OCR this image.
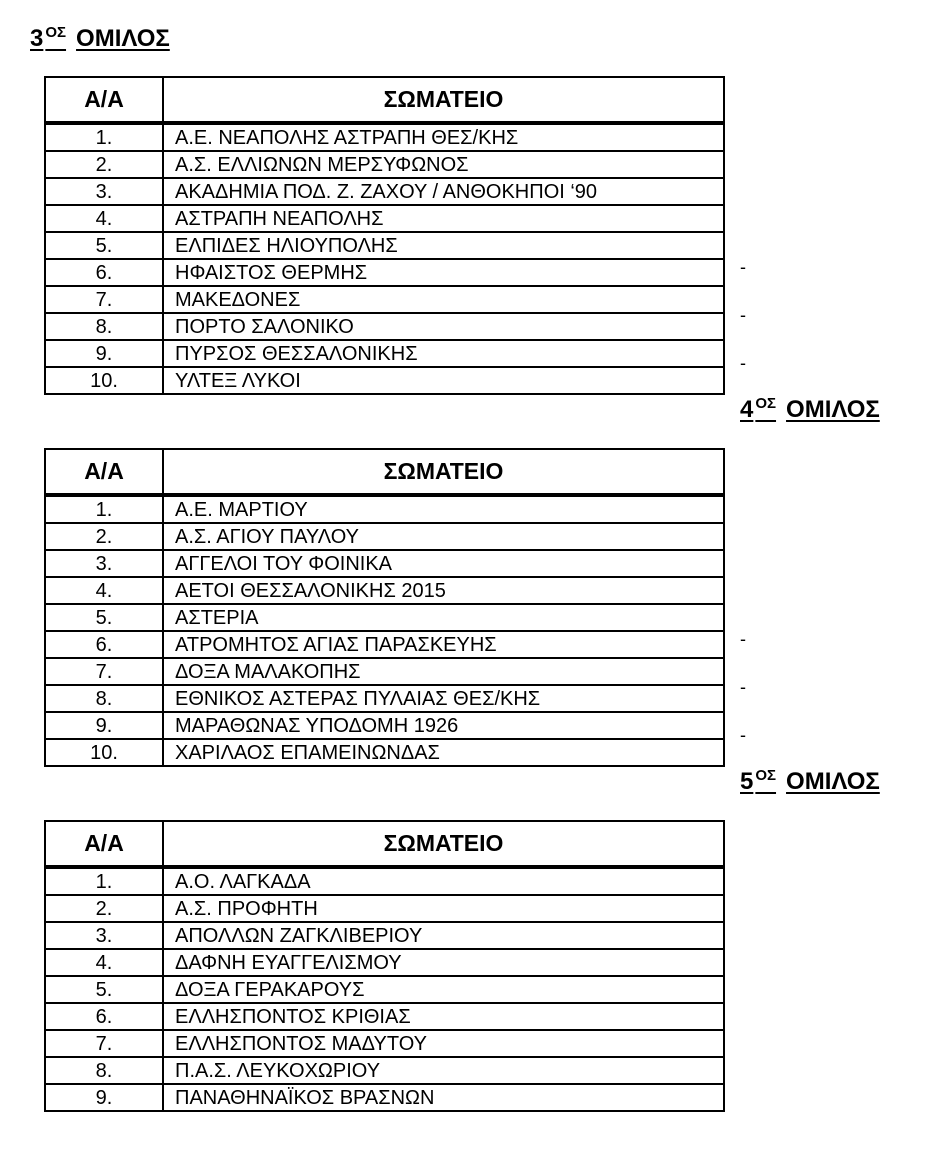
3 $^{O\Sigma}$ ΟΜΙΛΟΣ
4 $^{O\Sigma}$ ΟΜΙΛΟΣ
5 $^{O\Sigma}$ ΟΜΙΛΟΣ
-
-
-
-
-
-
Α/Α	ΣΩΜΑΤΕΙΟ
1.	Α.Ε. ΝΕΑΠΟΛΗΣ ΑΣΤΡΑΠΗ ΘΕΣ/ΚΗΣ
2.	Α.Σ. ΕΛΛΙΩΝΩΝ ΜΕΡΣΥΦΩΝΟΣ
3.	ΑΚΑΔΗΜΙΑ ΠΟΔ. Ζ. ΖΑΧΟΥ / ΑΝΘΟΚΗΠΟΙ ‘90
4.	ΑΣΤΡΑΠΗ ΝΕΑΠΟΛΗΣ
5.	ΕΛΠΙΔΕΣ ΗΛΙΟΥΠΟΛΗΣ
6.	ΗΦΑΙΣΤΟΣ ΘΕΡΜΗΣ
7.	ΜΑΚΕΔΟΝΕΣ
8.	ΠΟΡΤΟ ΣΑΛΟΝΙΚΟ
9.	ΠΥΡΣΟΣ ΘΕΣΣΑΛΟΝΙΚΗΣ
10.	ΥΛΤΕΞ ΛΥΚΟΙ
Α/Α	ΣΩΜΑΤΕΙΟ
1.	Α.Ε. ΜΑΡΤΙΟΥ
2.	Α.Σ. ΑΓΙΟΥ ΠΑΥΛΟΥ
3.	ΑΓΓΕΛΟΙ ΤΟΥ ΦΟΙΝΙΚΑ
4.	ΑΕΤΟΙ ΘΕΣΣΑΛΟΝΙΚΗΣ 2015
5.	ΑΣΤΕΡΙΑ
6.	ΑΤΡΟΜΗΤΟΣ ΑΓΙΑΣ ΠΑΡΑΣΚΕΥΗΣ
7.	ΔΟΞΑ ΜΑΛΑΚΟΠΗΣ
8.	ΕΘΝΙΚΟΣ ΑΣΤΕΡΑΣ ΠΥΛΑΙΑΣ ΘΕΣ/ΚΗΣ
9.	ΜΑΡΑΘΩΝΑΣ ΥΠΟΔΟΜΗ 1926
10.	ΧΑΡΙΛΑΟΣ ΕΠΑΜΕΙΝΩΝΔΑΣ
Α/Α	ΣΩΜΑΤΕΙΟ
1.	Α.Ο. ΛΑΓΚΑΔΑ
2.	Α.Σ. ΠΡΟΦΗΤΗ
3.	ΑΠΟΛΛΩΝ ΖΑΓΚΛΙΒΕΡΙΟΥ
4.	ΔΑΦΝΗ ΕΥΑΓΓΕΛΙΣΜΟΥ
5.	ΔΟΞΑ ΓΕΡΑΚΑΡΟΥΣ
6.	ΕΛΛΗΣΠΟΝΤΟΣ ΚΡΙΘΙΑΣ
7.	ΕΛΛΗΣΠΟΝΤΟΣ ΜΑΔΥΤΟΥ
8.	Π.Α.Σ. ΛΕΥΚΟΧΩΡΙΟΥ
9.	ΠΑΝΑΘΗΝΑΪΚΟΣ ΒΡΑΣΝΩΝ
